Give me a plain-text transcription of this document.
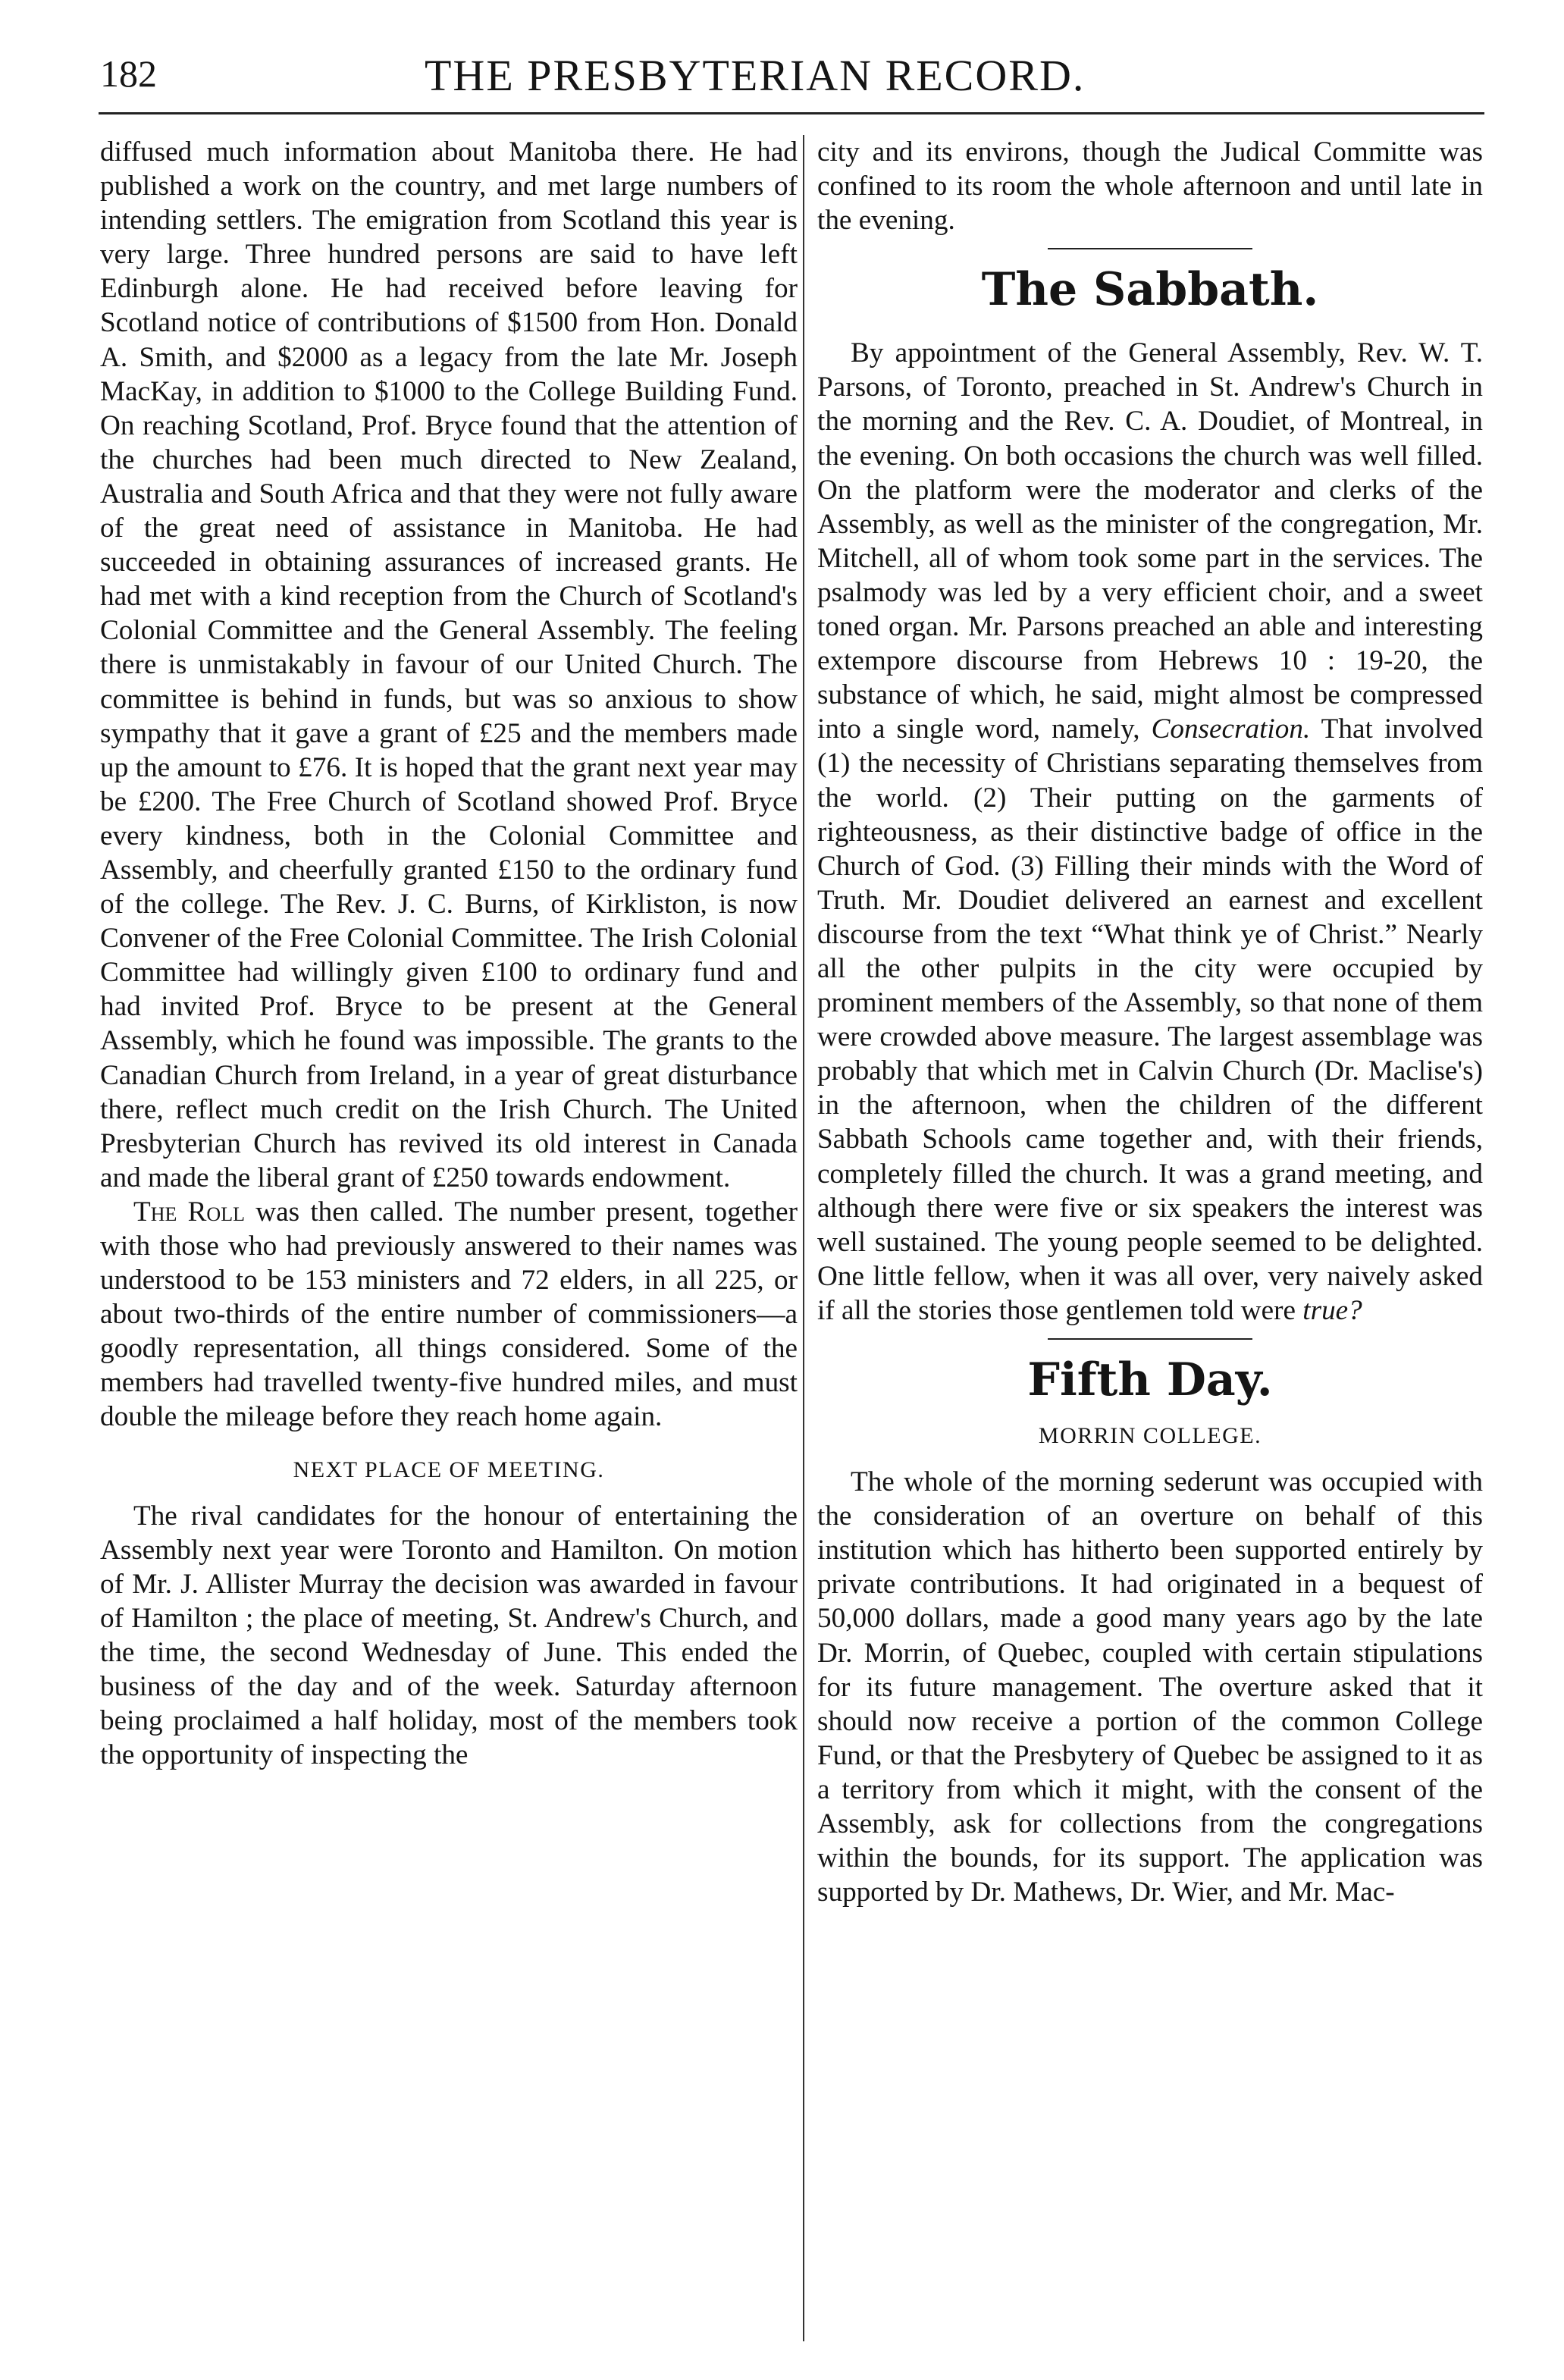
182	THE PRESBYTERIAN RECORD.

diffused much information about Manitoba there. He had published a work on the country, and met large numbers of intending settlers. The emigration from Scotland this year is very large. Three hundred persons are said to have left Edinburgh alone. He had received before leaving for Scotland notice of contributions of $1500 from Hon. Donald A. Smith, and $2000 as a legacy from the late Mr. Joseph MacKay, in addition to $1000 to the College Building Fund. On reaching Scotland, Prof. Bryce found that the attention of the churches had been much directed to New Zealand, Australia and South Africa and that they were not fully aware of the great need of assistance in Manitoba. He had succeeded in obtaining assurances of increased grants. He had met with a kind reception from the Church of Scotland's Colonial Committee and the General Assembly. The feeling there is unmistakably in favour of our United Church. The committee is behind in funds, but was so anxious to show sympathy that it gave a grant of £25 and the members made up the amount to £76. It is hoped that the grant next year may be £200. The Free Church of Scotland showed Prof. Bryce every kindness, both in the Colonial Committee and Assembly, and cheerfully granted £150 to the ordinary fund of the college. The Rev. J. C. Burns, of Kirkliston, is now Convener of the Free Colonial Committee. The Irish Colonial Committee had willingly given £100 to ordinary fund and had invited Prof. Bryce to be present at the General Assembly, which he found was impossible. The grants to the Canadian Church from Ireland, in a year of great disturbance there, reflect much credit on the Irish Church. The United Presbyterian Church has revived its old interest in Canada and made the liberal grant of £250 towards endowment.

The Roll was then called. The number present, together with those who had previously answered to their names was understood to be 153 ministers and 72 elders, in all 225, or about two-thirds of the entire number of commissioners—a goodly representation, all things considered. Some of the members had travelled twenty-five hundred miles, and must double the mileage before they reach home again.

NEXT PLACE OF MEETING.

The rival candidates for the honour of entertaining the Assembly next year were Toronto and Hamilton. On motion of Mr. J. Allister Murray the decision was awarded in favour of Hamilton ; the place of meeting, St. Andrew's Church, and the time, the second Wednesday of June. This ended the business of the day and of the week. Saturday afternoon being proclaimed a half holiday, most of the members took the opportunity of inspecting the

city and its environs, though the Judical Committe was confined to its room the whole afternoon and until late in the evening.

The Sabbath.

By appointment of the General Assembly, Rev. W. T. Parsons, of Toronto, preached in St. Andrew's Church in the morning and the Rev. C. A. Doudiet, of Montreal, in the evening. On both occasions the church was well filled. On the platform were the moderator and clerks of the Assembly, as well as the minister of the congregation, Mr. Mitchell, all of whom took some part in the services. The psalmody was led by a very efficient choir, and a sweet toned organ. Mr. Parsons preached an able and interesting extempore discourse from Hebrews 10 : 19-20, the substance of which, he said, might almost be compressed into a single word, namely, Consecration. That involved (1) the necessity of Christians separating themselves from the world. (2) Their putting on the garments of righteousness, as their distinctive badge of office in the Church of God. (3) Filling their minds with the Word of Truth. Mr. Doudiet delivered an earnest and excellent discourse from the text “What think ye of Christ.” Nearly all the other pulpits in the city were occupied by prominent members of the Assembly, so that none of them were crowded above measure. The largest assemblage was probably that which met in Calvin Church (Dr. Maclise's) in the afternoon, when the children of the different Sabbath Schools came together and, with their friends, completely filled the church. It was a grand meeting, and although there were five or six speakers the interest was well sustained. The young people seemed to be delighted. One little fellow, when it was all over, very naively asked if all the stories those gentlemen told were true?

Fifth Day.
MORRIN COLLEGE.

The whole of the morning sederunt was occupied with the consideration of an overture on behalf of this institution which has hitherto been supported entirely by private contributions. It had originated in a bequest of 50,000 dollars, made a good many years ago by the late Dr. Morrin, of Quebec, coupled with certain stipulations for its future management. The overture asked that it should now receive a portion of the common College Fund, or that the Presbytery of Quebec be assigned to it as a territory from which it might, with the consent of the Assembly, ask for collections from the congregations within the bounds, for its support. The application was supported by Dr. Mathews, Dr. Wier, and Mr. Mac-
